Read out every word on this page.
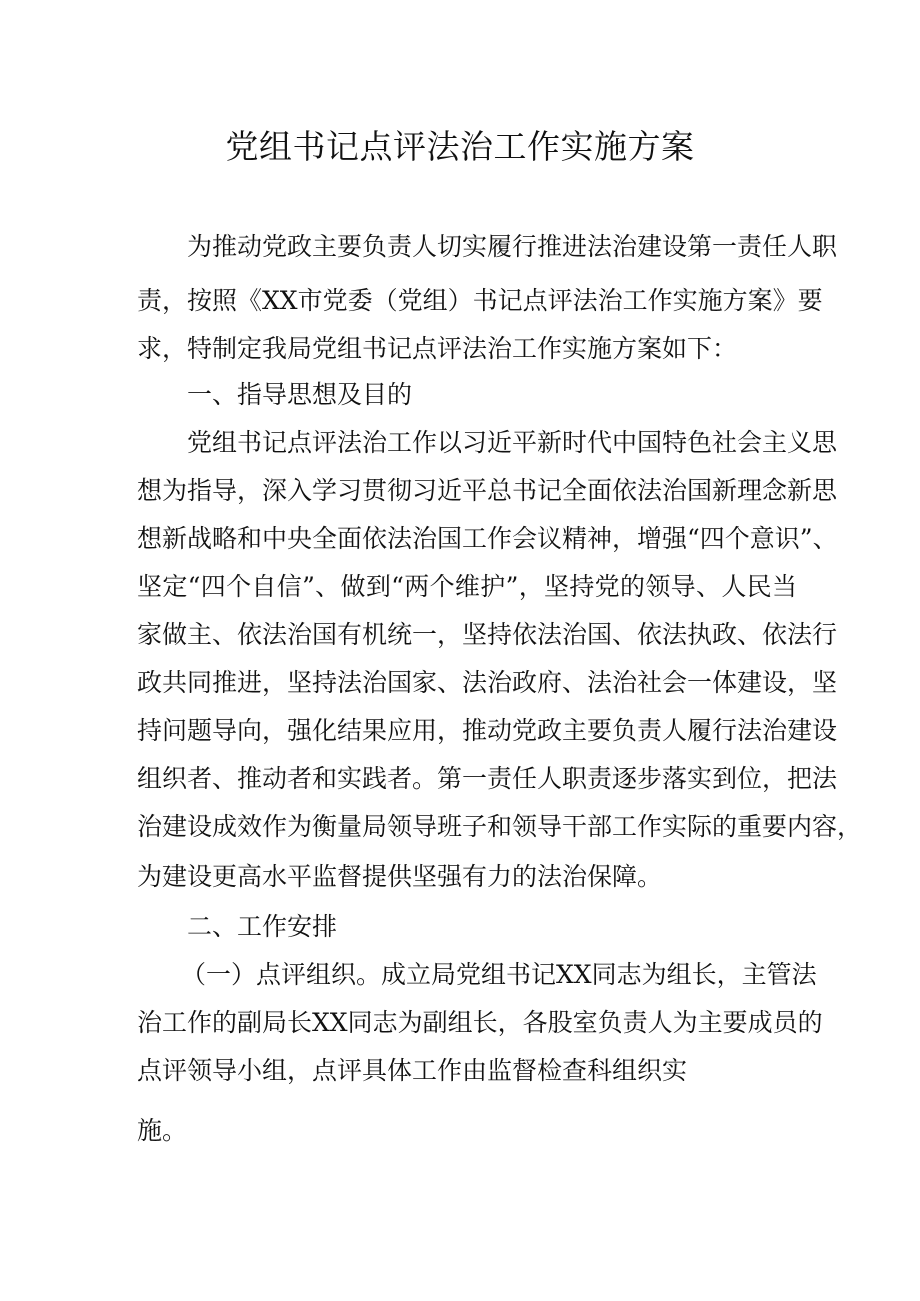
党组书记点评法治工作实施方案

为推动党政主要负责人切实履行推进法治建设第一责任人职

责，按照《XX市党委（党组）书记点评法治工作实施方案》要

求，特制定我局党组书记点评法治工作实施方案如下：

一、指导思想及目的

党组书记点评法治工作以习近平新时代中国特色社会主义思

想为指导，深入学习贯彻习近平总书记全面依法治国新理念新思

想新战略和中央全面依法治国工作会议精神，增强“四个意识”、

坚定“四个自信”、做到“两个维护”，坚持党的领导、人民当

家做主、依法治国有机统一，坚持依法治国、依法执政、依法行

政共同推进，坚持法治国家、法治政府、法治社会一体建设，坚

持问题导向，强化结果应用，推动党政主要负责人履行法治建设

组织者、推动者和实践者。第一责任人职责逐步落实到位，把法

治建设成效作为衡量局领导班子和领导干部工作实际的重要内容，

为建设更高水平监督提供坚强有力的法治保障。

二、工作安排

（一）点评组织。成立局党组书记XX同志为组长，主管法

治工作的副局长XX同志为副组长，各股室负责人为主要成员的

点评领导小组，点评具体工作由监督检查科组织实

施。
